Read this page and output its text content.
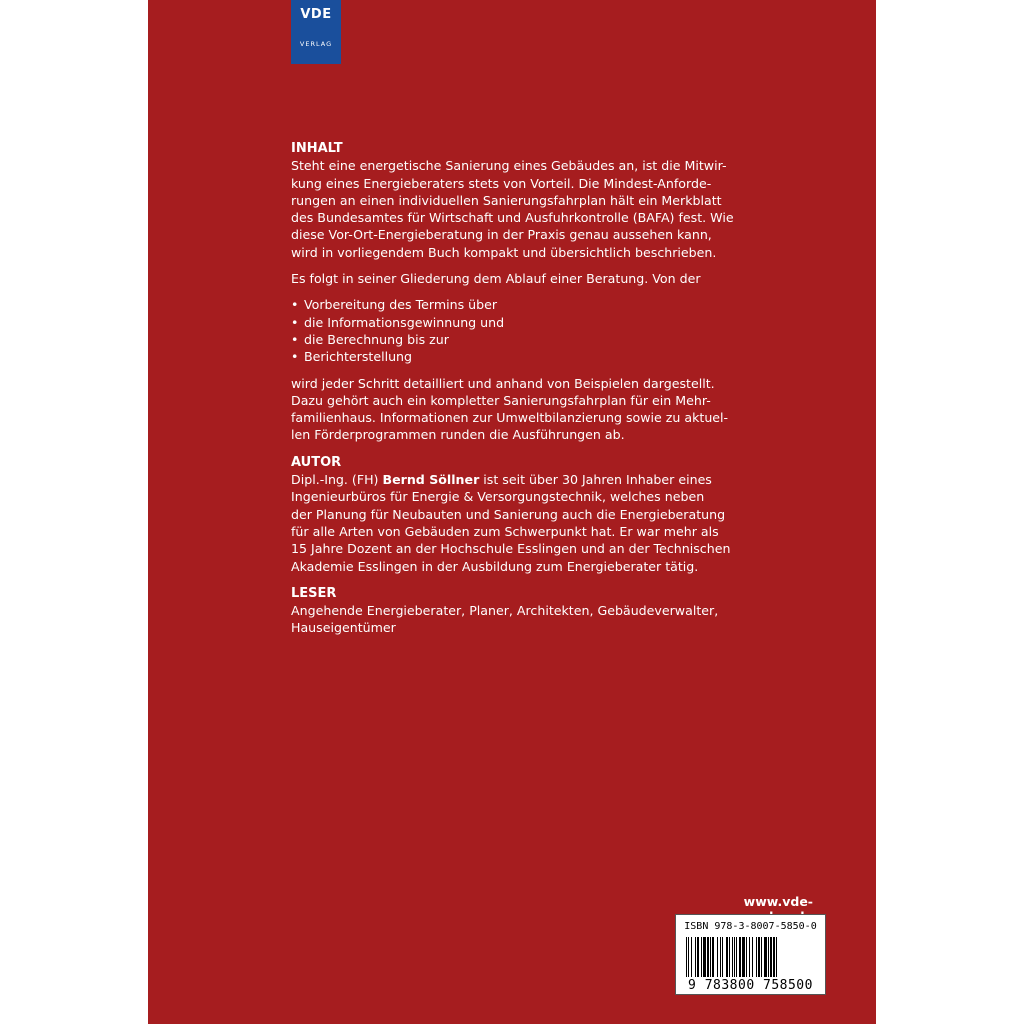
VDE
VERLAG

INHALT

Steht eine energetische Sanierung eines Gebäudes an, ist die Mitwir-
kung eines Energieberaters stets von Vorteil. Die Mindest-Anforde-
rungen an einen individuellen Sanierungsfahrplan hält ein Merkblatt
des Bundesamtes für Wirtschaft und Ausfuhrkontrolle (BAFA) fest. Wie
diese Vor-Ort-Energieberatung in der Praxis genau aussehen kann,
wird in vorliegendem Buch kompakt und übersichtlich beschrieben.

Es folgt in seiner Gliederung dem Ablauf einer Beratung. Von der

• Vorbereitung des Termins über
• die Informationsgewinnung und
• die Berechnung bis zur
• Berichterstellung

wird jeder Schritt detailliert und anhand von Beispielen dargestellt.
Dazu gehört auch ein kompletter Sanierungsfahrplan für ein Mehr-
familienhaus. Informationen zur Umweltbilanzierung sowie zu aktuel-
len Förderprogrammen runden die Ausführungen ab.

AUTOR

Dipl.-Ing. (FH) Bernd Söllner ist seit über 30 Jahren Inhaber eines
Ingenieurbüros für Energie & Versorgungstechnik, welches neben
der Planung für Neubauten und Sanierung auch die Energieberatung
für alle Arten von Gebäuden zum Schwerpunkt hat. Er war mehr als
15 Jahre Dozent an der Hochschule Esslingen und an der Technischen
Akademie Esslingen in der Ausbildung zum Energieberater tätig.

LESER

Angehende Energieberater, Planer, Architekten, Gebäudeverwalter,
Hauseigentümer

www.vde-
ISBN 978-3-8007-5850-0
9 783800 758500
